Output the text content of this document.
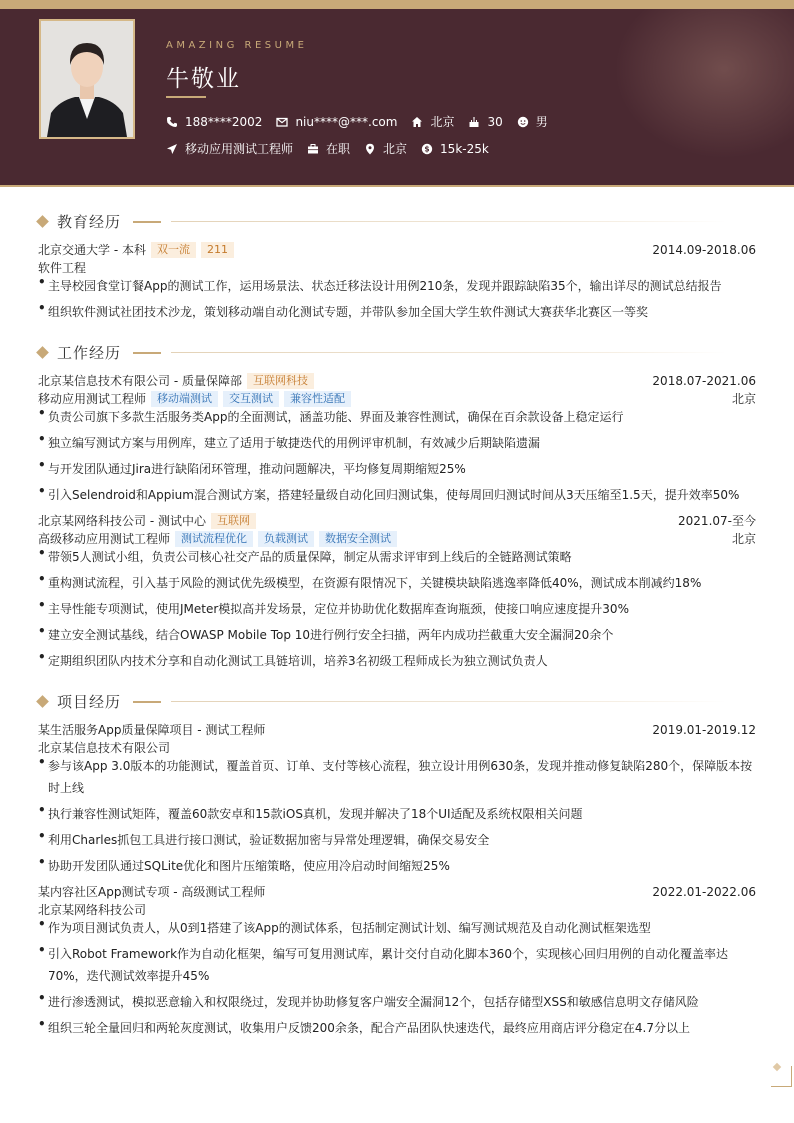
AMAZING RESUME
牛敬业
188****2002	niu****@***.com	北京	30	男
移动应用测试工程师	在职	北京 $ 15k-25k
教育经历
北京交通大学 - 本科	双一流	211	2014.09-2018.06
软件工程
• 主导校园食堂订餐App的测试工作，运用场景法、状态迁移法设计用例210条，发现并跟踪缺陷35个，输出详尽的测试总结报告
• 组织软件测试社团技术沙龙，策划移动端自动化测试专题，并带队参加全国大学生软件测试大赛获华北赛区一等奖
工作经历
北京某信息技术有限公司 - 质量保障部	互联网科技	2018.07-2021.06
移动应用测试工程师	移动端测试	交互测试	兼容性适配	北京
• 负责公司旗下多款生活服务类App的全面测试，涵盖功能、界面及兼容性测试，确保在百余款设备上稳定运行
• 独立编写测试方案与用例库，建立了适用于敏捷迭代的用例评审机制，有效减少后期缺陷遗漏
• 与开发团队通过Jira进行缺陷闭环管理，推动问题解决，平均修复周期缩短25%
• 引入Selendroid和Appium混合测试方案，搭建轻量级自动化回归测试集，使每周回归测试时间从3天压缩至1.5天，提升效率50%
北京某网络科技公司 - 测试中心	互联网	2021.07-至今
高级移动应用测试工程师	测试流程优化	负载测试	数据安全测试	北京
• 带领5人测试小组，负责公司核心社交产品的质量保障，制定从需求评审到上线后的全链路测试策略
• 重构测试流程，引入基于风险的测试优先级模型，在资源有限情况下，关键模块缺陷逃逸率降低40%，测试成本削减约18%
• 主导性能专项测试，使用JMeter模拟高并发场景，定位并协助优化数据库查询瓶颈，使接口响应速度提升30%
• 建立安全测试基线，结合OWASP Mobile Top 10进行例行安全扫描，两年内成功拦截重大安全漏洞20余个
• 定期组织团队内技术分享和自动化测试工具链培训，培养3名初级工程师成长为独立测试负责人
项目经历
某生活服务App质量保障项目 - 测试工程师	2019.01-2019.12
北京某信息技术有限公司
• 参与该App 3.0版本的功能测试，覆盖首页、订单、支付等核心流程，独立设计用例630条，发现并推动修复缺陷280个，保障版本按时上线
• 执行兼容性测试矩阵，覆盖60款安卓和15款iOS真机，发现并解决了18个UI适配及系统权限相关问题
• 利用Charles抓包工具进行接口测试，验证数据加密与异常处理逻辑，确保交易安全
• 协助开发团队通过SQLite优化和图片压缩策略，使应用冷启动时间缩短25%
某内容社区App测试专项 - 高级测试工程师	2022.01-2022.06
北京某网络科技公司
• 作为项目测试负责人，从0到1搭建了该App的测试体系，包括制定测试计划、编写测试规范及自动化测试框架选型
• 引入Robot Framework作为自动化框架，编写可复用测试库，累计交付自动化脚本360个，实现核心回归用例的自动化覆盖率达70%，迭代测试效率提升45%
• 进行渗透测试，模拟恶意输入和权限绕过，发现并协助修复客户端安全漏洞12个，包括存储型XSS和敏感信息明文存储风险
• 组织三轮全量回归和两轮灰度测试，收集用户反馈200余条，配合产品团队快速迭代，最终应用商店评分稳定在4.7分以上
